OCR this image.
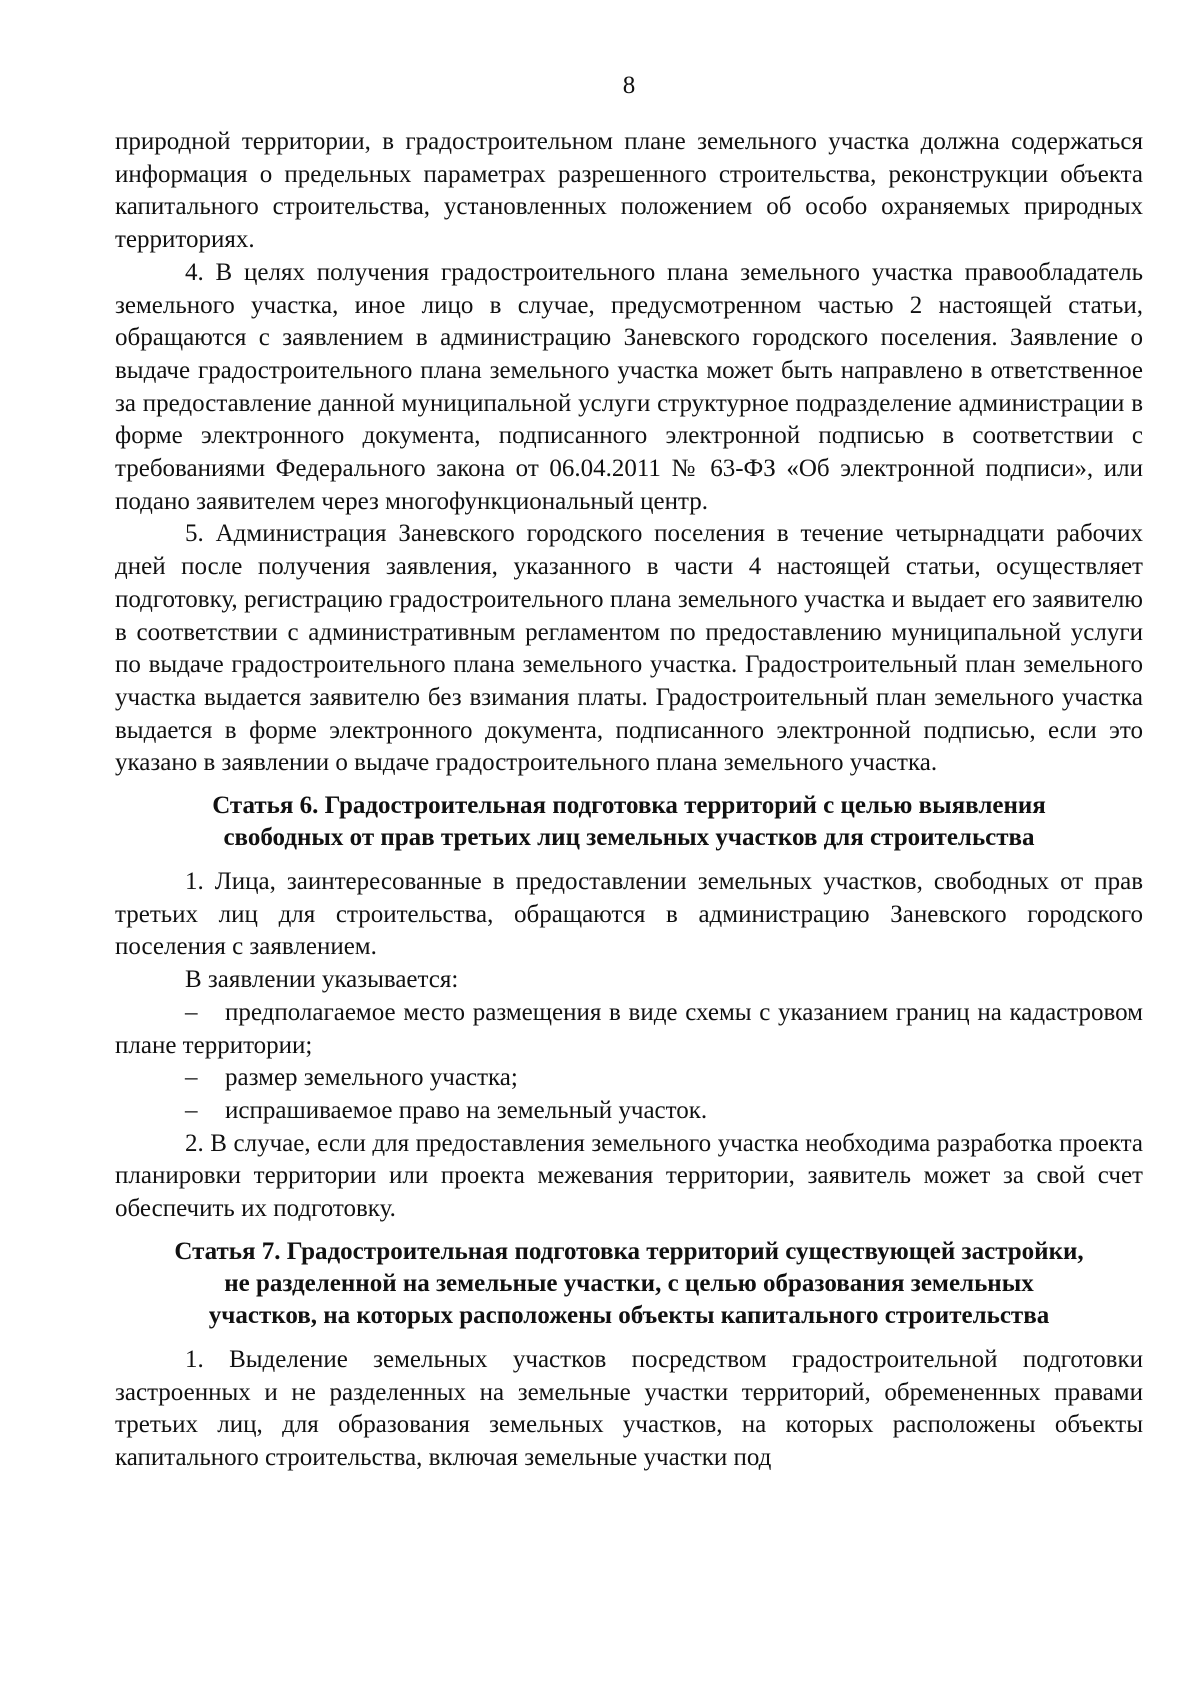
8

природной территории, в градостроительном плане земельного участка должна содержаться информация о предельных параметрах разрешенного строительства, реконструкции объекта капитального строительства, установленных положением об особо охраняемых природных территориях.

4. В целях получения градостроительного плана земельного участка правообладатель земельного участка, иное лицо в случае, предусмотренном частью 2 настоящей статьи, обращаются с заявлением в администрацию Заневского городского поселения. Заявление о выдаче градостроительного плана земельного участка может быть направлено в ответственное за предоставление данной муниципальной услуги структурное подразделение администрации в форме электронного документа, подписанного электронной подписью в соответствии с требованиями Федерального закона от 06.04.2011 № 63-ФЗ «Об электронной подписи», или подано заявителем через многофункциональный центр.

5. Администрация Заневского городского поселения в течение четырнадцати рабочих дней после получения заявления, указанного в части 4 настоящей статьи, осуществляет подготовку, регистрацию градостроительного плана земельного участка и выдает его заявителю в соответствии с административным регламентом по предоставлению муниципальной услуги по выдаче градостроительного плана земельного участка. Градостроительный план земельного участка выдается заявителю без взимания платы. Градостроительный план земельного участка выдается в форме электронного документа, подписанного электронной подписью, если это указано в заявлении о выдаче градостроительного плана земельного участка.

Статья 6. Градостроительная подготовка территорий с целью выявления
свободных от прав третьих лиц земельных участков для строительства

1. Лица, заинтересованные в предоставлении земельных участков, свободных от прав третьих лиц для строительства, обращаются в администрацию Заневского городского поселения с заявлением.

В заявлении указывается:

– предполагаемое место размещения в виде схемы с указанием границ на кадастровом плане территории;

– размер земельного участка;

– испрашиваемое право на земельный участок.

2. В случае, если для предоставления земельного участка необходима разработка проекта планировки территории или проекта межевания территории, заявитель может за свой счет обеспечить их подготовку.

Статья 7. Градостроительная подготовка территорий существующей застройки,
не разделенной на земельные участки, с целью образования земельных
участков, на которых расположены объекты капитального строительства

1. Выделение земельных участков посредством градостроительной подготовки застроенных и не разделенных на земельные участки территорий, обремененных правами третьих лиц, для образования земельных участков, на которых расположены объекты капитального строительства, включая земельные участки под
